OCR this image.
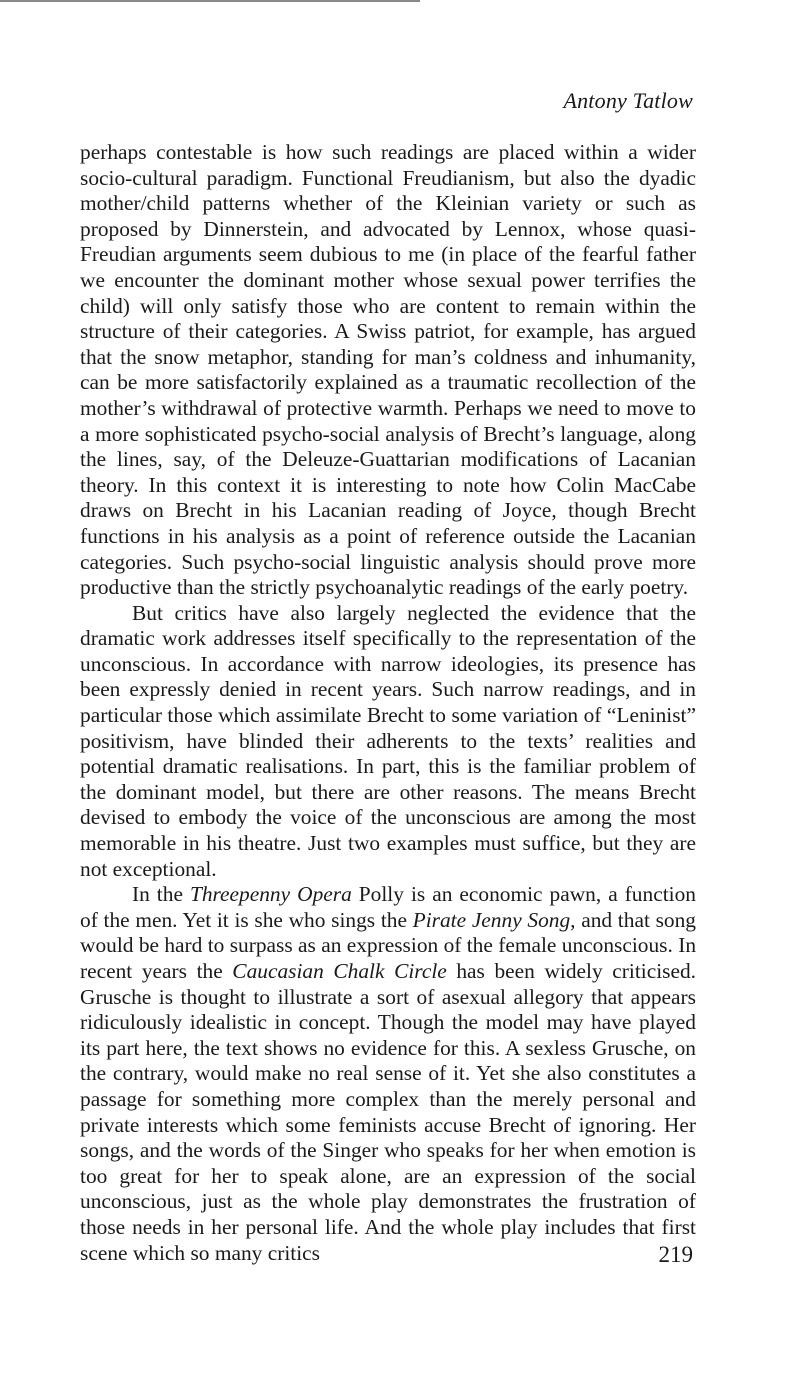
Antony Tatlow

perhaps contestable is how such readings are placed within a wider socio-cultural paradigm. Functional Freudianism, but also the dyadic mother/child patterns whether of the Kleinian variety or such as proposed by Dinnerstein, and advocated by Lennox, whose quasi-Freudian arguments seem dubious to me (in place of the fearful father we encounter the dominant mother whose sexual power terrifies the child) will only satisfy those who are content to remain within the structure of their categories. A Swiss patriot, for example, has argued that the snow metaphor, standing for man’s coldness and inhumanity, can be more satisfactorily explained as a traumatic recollection of the mother’s withdrawal of protective warmth. Perhaps we need to move to a more sophisticated psycho-social analysis of Brecht’s language, along the lines, say, of the Deleuze-Guattarian modifications of Lacanian theory. In this context it is interesting to note how Colin MacCabe draws on Brecht in his Lacanian reading of Joyce, though Brecht functions in his analysis as a point of reference outside the Lacanian categories. Such psycho-social linguistic analysis should prove more productive than the strictly psychoanalytic readings of the early poetry.

But critics have also largely neglected the evidence that the dramatic work addresses itself specifically to the representation of the unconscious. In accordance with narrow ideologies, its presence has been expressly denied in recent years. Such narrow readings, and in particular those which assimilate Brecht to some variation of “Leninist” positivism, have blinded their adherents to the texts’ realities and potential dramatic realisations. In part, this is the familiar problem of the dominant model, but there are other reasons. The means Brecht devised to embody the voice of the unconscious are among the most memorable in his theatre. Just two examples must suffice, but they are not exceptional.

In the Threepenny Opera Polly is an economic pawn, a function of the men. Yet it is she who sings the Pirate Jenny Song, and that song would be hard to surpass as an expression of the female unconscious. In recent years the Caucasian Chalk Circle has been widely criticised. Grusche is thought to illustrate a sort of asexual allegory that appears ridiculously idealistic in concept. Though the model may have played its part here, the text shows no evidence for this. A sexless Grusche, on the contrary, would make no real sense of it. Yet she also constitutes a passage for something more complex than the merely personal and private interests which some feminists accuse Brecht of ignoring. Her songs, and the words of the Singer who speaks for her when emotion is too great for her to speak alone, are an expression of the social unconscious, just as the whole play demonstrates the frustration of those needs in her personal life. And the whole play includes that first scene which so many critics	219
